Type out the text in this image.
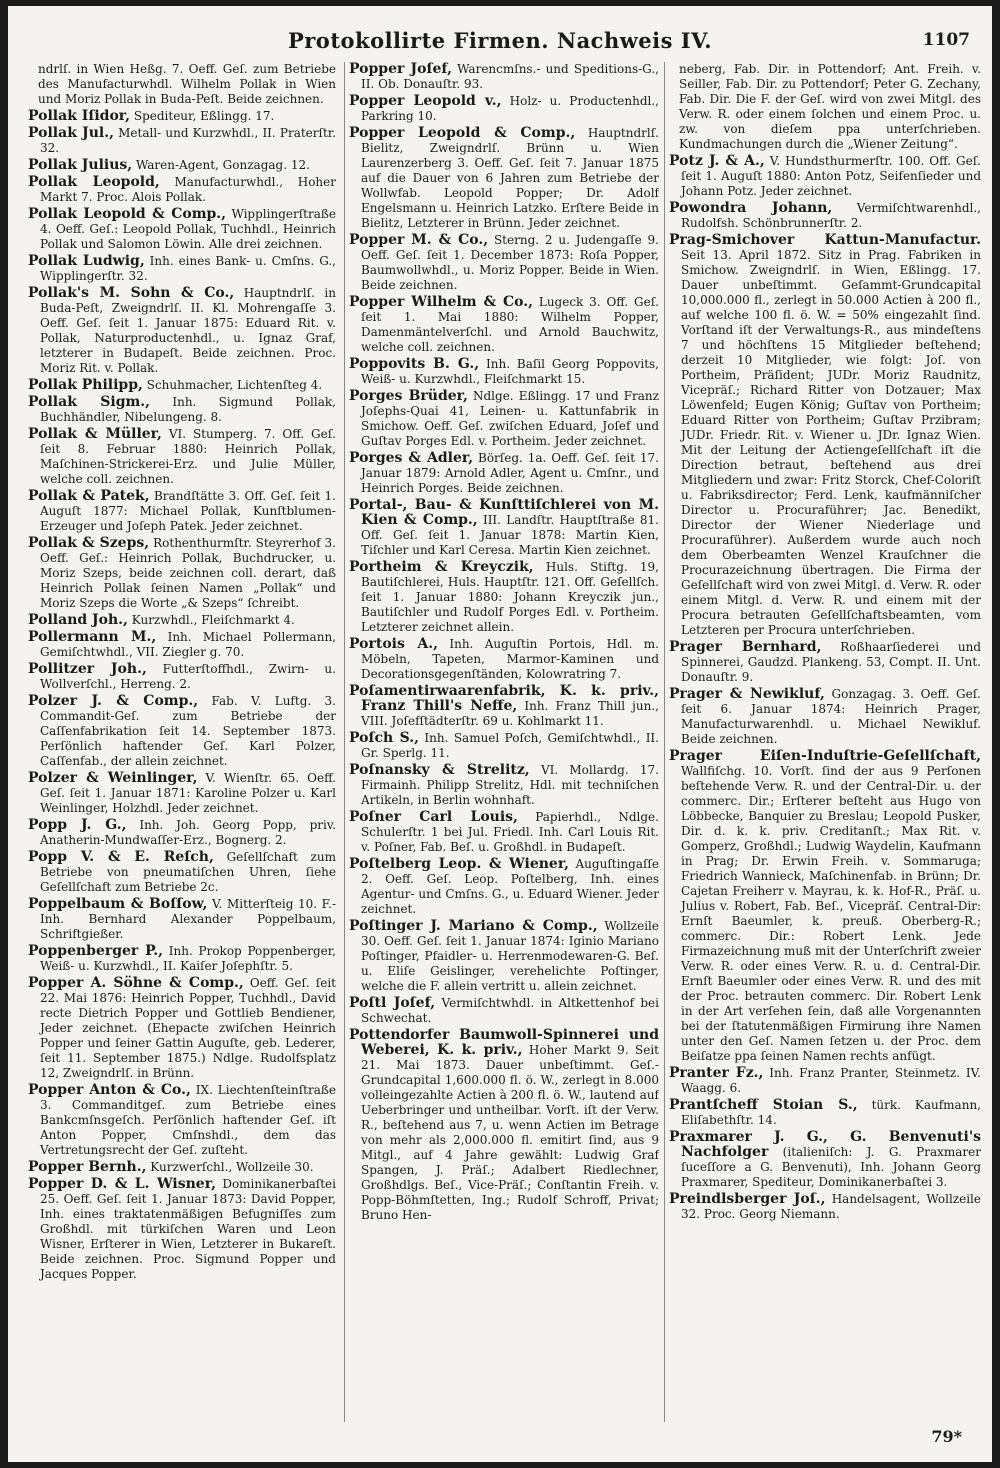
Protokollirte Firmen. Nachweis IV.	1107
ndrlſ. in Wien Heßg. 7. Oeff. Geſ. zum Betriebe des Manufacturwhdl. Wilhelm Pollak in Wien und Moriz Pollak in Buda-Peſt. Beide zeichnen.
Pollak Iſidor, Spediteur, Eßlingg. 17.
Pollak Jul., Metall- und Kurzwhdl., II. Praterſtr. 32.
Pollak Julius, Waren-Agent, Gonzagag. 12.
Pollak Leopold, Manufacturwhdl., Hoher Markt 7. Proc. Alois Pollak.
Pollak Leopold & Comp., Wipplingerſtraße 4. Oeff. Geſ.: Leopold Pollak, Tuchhdl., Heinrich Pollak und Salomon Löwin. Alle drei zeichnen.
Pollak Ludwig, Inh. eines Bank- u. Cmſns. G., Wipplingerſtr. 32.
Pollak's M. Sohn & Co., Hauptndrlſ. in Buda-Peſt, Zweigndrlſ. II. Kl. Mohrengaſſe 3. Oeff. Geſ. ſeit 1. Januar 1875: Eduard Rit. v. Pollak, Naturproductenhdl., u. Ignaz Graf, letzterer in Budapeſt. Beide zeichnen. Proc. Moriz Rit. v. Pollak.
Pollak Philipp, Schuhmacher, Lichtenſteg 4.
Pollak Sigm., Inh. Sigmund Pollak, Buchhändler, Nibelungeng. 8.
Pollak & Müller, VI. Stumperg. 7. Off. Geſ. ſeit 8. Februar 1880: Heinrich Pollak, Maſchinen-Strickerei-Erz. und Julie Müller, welche coll. zeichnen.
Pollak & Patek, Brandſtätte 3. Off. Geſ. ſeit 1. Auguſt 1877: Michael Pollak, Kunſtblumen-Erzeuger und Joſeph Patek. Jeder zeichnet.
Pollak & Szeps, Rothenthurmſtr. Steyrerhof 3. Oeff. Geſ.: Heinrich Pollak, Buchdrucker, u. Moriz Szeps, beide zeichnen coll. derart, daß Heinrich Pollak ſeinen Namen „Pollak“ und Moriz Szeps die Worte „& Szeps“ ſchreibt.
Polland Joh., Kurzwhdl., Fleiſchmarkt 4.
Pollermann M., Inh. Michael Pollermann, Gemiſchtwhdl., VII. Ziegler g. 70.
Pollitzer Joh., Futterſtoffhdl., Zwirn- u. Wollverſchl., Herreng. 2.
Polzer J. & Comp., Fab. V. Luftg. 3. Commandit-Geſ. zum Betriebe der Caſſenfabrikation ſeit 14. September 1873. Perſönlich haftender Geſ. Karl Polzer, Caſſenfab., der allein zeichnet.
Polzer & Weinlinger, V. Wienſtr. 65. Oeff. Geſ. ſeit 1. Januar 1871: Karoline Polzer u. Karl Weinlinger, Holzhdl. Jeder zeichnet.
Popp J. G., Inh. Joh. Georg Popp, priv. Anatherin-Mundwaſſer-Erz., Bognerg. 2.
Popp V. & E. Reſch, Geſellſchaft zum Betriebe von pneumatiſchen Uhren, ſiehe Geſellſchaft zum Betriebe 2c.
Poppelbaum & Boſſow, V. Mitterſteig 10. F.-Inh. Bernhard Alexander Poppelbaum, Schriftgießer.
Poppenberger P., Inh. Prokop Poppenberger, Weiß- u. Kurzwhdl., II. Kaiſer Joſephſtr. 5.
Popper A. Söhne & Comp., Oeff. Geſ. ſeit 22. Mai 1876: Heinrich Popper, Tuchhdl., David recte Dietrich Popper und Gottlieb Bendiener, Jeder zeichnet. (Ehepacte zwiſchen Heinrich Popper und ſeiner Gattin Auguſte, geb. Lederer, ſeit 11. September 1875.) Ndlge. Rudolfsplatz 12, Zweigndrlſ. in Brünn.
Popper Anton & Co., IX. Liechtenſteinſtraße 3. Commanditgeſ. zum Betriebe eines Bankcmſnsgeſch. Perſönlich haftender Geſ. iſt Anton Popper, Cmſnshdl., dem das Vertretungsrecht der Geſ. zuſteht.
Popper Bernh., Kurzwerſchl., Wollzeile 30.
Popper D. & L. Wisner, Dominikanerbaſtei 25. Oeff. Geſ. ſeit 1. Januar 1873: David Popper, Inh. eines traktatenmäßigen Befugniſſes zum Großhdl. mit türkiſchen Waren und Leon Wisner, Erſterer in Wien, Letzterer in Bukareſt. Beide zeichnen. Proc. Sigmund Popper und Jacques Popper.
Popper Joſef, Warencmſns.- und Speditions-G., II. Ob. Donauſtr. 93.
Popper Leopold v., Holz- u. Productenhdl., Parkring 10.
Popper Leopold & Comp., Hauptndrlſ. Bielitz, Zweigndrlſ. Brünn u. Wien Laurenzerberg 3. Oeff. Geſ. ſeit 7. Januar 1875 auf die Dauer von 6 Jahren zum Betriebe der Wollwfab. Leopold Popper; Dr. Adolf Engelsmann u. Heinrich Latzko. Erſtere Beide in Bielitz, Letzterer in Brünn. Jeder zeichnet.
Popper M. & Co., Sterng. 2 u. Judengaſſe 9. Oeff. Geſ. ſeit 1. December 1873: Roſa Popper, Baumwollwhdl., u. Moriz Popper. Beide in Wien. Beide zeichnen.
Popper Wilhelm & Co., Lugeck 3. Off. Geſ. ſeit 1. Mai 1880: Wilhelm Popper, Damenmäntelverſchl. und Arnold Bauchwitz, welche coll. zeichnen.
Poppovits B. G., Inh. Baſil Georg Poppovits, Weiß- u. Kurzwhdl., Fleiſchmarkt 15.
Porges Brüder, Ndlge. Eßlingg. 17 und Franz Joſephs-Quai 41, Leinen- u. Kattunfabrik in Smichow. Oeff. Geſ. zwiſchen Eduard, Joſef und Guſtav Porges Edl. v. Portheim. Jeder zeichnet.
Porges & Adler, Börſeg. 1a. Oeff. Geſ. ſeit 17. Januar 1879: Arnold Adler, Agent u. Cmſnr., und Heinrich Porges. Beide zeichnen.
Portal-, Bau- & Kunſttiſchlerei von M. Kien & Comp., III. Landſtr. Hauptſtraße 81. Off. Geſ. ſeit 1. Januar 1878: Martin Kien, Tiſchler und Karl Ceresa. Martin Kien zeichnet.
Portheim & Kreyczik, Huls. Stiftg. 19, Bautiſchlerei, Huls. Hauptſtr. 121. Off. Geſellſch. ſeit 1. Januar 1880: Johann Kreyczik jun., Bautiſchler und Rudolf Porges Edl. v. Portheim. Letzterer zeichnet allein.
Portois A., Inh. Auguſtin Portois, Hdl. m. Möbeln, Tapeten, Marmor-Kaminen und Decorationsgegenſtänden, Kolowratring 7.
Poſamentirwaarenfabrik, K. k. priv., Franz Thill's Neffe, Inh. Franz Thill jun., VIII. Joſefſtädterſtr. 69 u. Kohlmarkt 11.
Poſch S., Inh. Samuel Poſch, Gemiſchtwhdl., II. Gr. Sperlg. 11.
Poſnansky & Strelitz, VI. Mollardg. 17. Firmainh. Philipp Strelitz, Hdl. mit techniſchen Artikeln, in Berlin wohnhaft.
Poſner Carl Louis, Papierhdl., Ndlge. Schulerſtr. 1 bei Jul. Friedl. Inh. Carl Louis Rit. v. Poſner, Fab. Beſ. u. Großhdl. in Budapeſt.
Poſtelberg Leop. & Wiener, Auguſtingaſſe 2. Oeff. Geſ. Leop. Poſtelberg, Inh. eines Agentur- und Cmſns. G., u. Eduard Wiener. Jeder zeichnet.
Poſtinger J. Mariano & Comp., Wollzeile 30. Oeff. Geſ. ſeit 1. Januar 1874: Iginio Mariano Poſtinger, Pfaidler- u. Herrenmodewaren-G. Beſ. u. Eliſe Geislinger, verehelichte Poſtinger, welche die F. allein vertritt u. allein zeichnet.
Poſtl Joſef, Vermiſchtwhdl. in Altkettenhof bei Schwechat.
Pottendorfer Baumwoll-Spinnerei und Weberei, K. k. priv., Hoher Markt 9. Seit 21. Mai 1873. Dauer unbeſtimmt. Geſ.-Grundcapital 1,600.000 fl. ö. W., zerlegt in 8.000 volleingezahlte Actien à 200 fl. ö. W., lautend auf Ueberbringer und untheilbar. Vorſt. iſt der Verw. R., beſtehend aus 7, u. wenn Actien im Betrage von mehr als 2,000.000 fl. emitirt ſind, aus 9 Mitgl., auf 4 Jahre gewählt: Ludwig Graf Spangen, J. Präſ.; Adalbert Riedlechner, Großhdlgs. Beſ., Vice-Präſ.; Conſtantin Freih. v. Popp-Böhmſtetten, Ing.; Rudolf Schroff, Privat; Bruno Hen-
neberg, Fab. Dir. in Pottendorf; Ant. Freih. v. Seiller, Fab. Dir. zu Pottendorf; Peter G. Zechany, Fab. Dir. Die F. der Geſ. wird von zwei Mitgl. des Verw. R. oder einem ſolchen und einem Proc. u. zw. von dieſem ppa unterſchrieben. Kundmachungen durch die „Wiener Zeitung“.
Potz J. & A., V. Hundsthurmerſtr. 100. Off. Geſ. ſeit 1. Auguſt 1880: Anton Potz, Seifenſieder und Johann Potz. Jeder zeichnet.
Powondra Johann, Vermiſchtwarenhdl., Rudolfsh. Schönbrunnerſtr. 2.
Prag-Smichover Kattun-Manufactur. Seit 13. April 1872. Sitz in Prag. Fabriken in Smichow. Zweigndrlſ. in Wien, Eßlingg. 17. Dauer unbeſtimmt. Geſammt-Grundcapital 10,000.000 fl., zerlegt in 50.000 Actien à 200 fl., auf welche 100 fl. ö. W. = 50% eingezahlt ſind. Vorſtand iſt der Verwaltungs-R., aus mindeſtens 7 und höchſtens 15 Mitglieder beſtehend; derzeit 10 Mitglieder, wie folgt: Joſ. von Portheim, Präſident; JUDr. Moriz Raudnitz, Vicepräſ.; Richard Ritter von Dotzauer; Max Löwenfeld; Eugen König; Guſtav von Portheim; Eduard Ritter von Portheim; Guſtav Przibram; JUDr. Friedr. Rit. v. Wiener u. JDr. Ignaz Wien. Mit der Leitung der Actiengeſellſchaft iſt die Direction betraut, beſtehend aus drei Mitgliedern und zwar: Fritz Storck, Chef-Coloriſt u. Fabriksdirector; Ferd. Lenk, kaufmänniſcher Director u. Procuraführer; Jac. Benedikt, Director der Wiener Niederlage und Procuraführer). Außerdem wurde auch noch dem Oberbeamten Wenzel Krauſchner die Procurazeichnung übertragen. Die Firma der Geſellſchaft wird von zwei Mitgl. d. Verw. R. oder einem Mitgl. d. Verw. R. und einem mit der Procura betrauten Geſellſchaftsbeamten, vom Letzteren per Procura unterſchrieben.
Prager Bernhard, Roßhaarſiederei und Spinnerei, Gaudzd. Plankeng. 53, Compt. II. Unt. Donauſtr. 9.
Prager & Newikluf, Gonzagag. 3. Oeff. Geſ. ſeit 6. Januar 1874: Heinrich Prager, Manufacturwarenhdl. u. Michael Newikluf. Beide zeichnen.
Prager Eiſen-Induſtrie-Geſellſchaft, Wallfiſchg. 10. Vorſt. ſind der aus 9 Perſonen beſtehende Verw. R. und der Central-Dir. u. der commerc. Dir.; Erſterer beſteht aus Hugo von Löbbecke, Banquier zu Breslau; Leopold Pusker, Dir. d. k. k. priv. Creditanſt.; Max Rit. v. Gomperz, Großhdl.; Ludwig Waydelin, Kaufmann in Prag; Dr. Erwin Freih. v. Sommaruga; Friedrich Wannieck, Maſchinenfab. in Brünn; Dr. Cajetan Freiherr v. Mayrau, k. k. Hof-R., Präſ. u. Julius v. Robert, Fab. Beſ., Vicepräſ. Central-Dir: Ernſt Baeumler, k. preuß. Oberberg-R.; commerc. Dir.: Robert Lenk. Jede Firmazeichnung muß mit der Unterſchrift zweier Verw. R. oder eines Verw. R. u. d. Central-Dir. Ernſt Baeumler oder eines Verw. R. und des mit der Proc. betrauten commerc. Dir. Robert Lenk in der Art verſehen ſein, daß alle Vorgenannten bei der ſtatutenmäßigen Firmirung ihre Namen unter den Geſ. Namen ſetzen u. der Proc. dem Beiſatze ppa ſeinen Namen rechts anfügt.
Pranter Fz., Inh. Franz Pranter, Steinmetz. IV. Waagg. 6.
Prantſcheff Stoian S., türk. Kaufmann, Eliſabethſtr. 14.
Praxmarer J. G., G. Benvenuti's Nachfolger (italieniſch: J. G. Praxmarer ſuceſſore a G. Benvenuti), Inh. Johann Georg Praxmarer, Spediteur, Dominikanerbaſtei 3.
Preindlsberger Joſ., Handelsagent, Wollzeile 32. Proc. Georg Niemann.
79*
